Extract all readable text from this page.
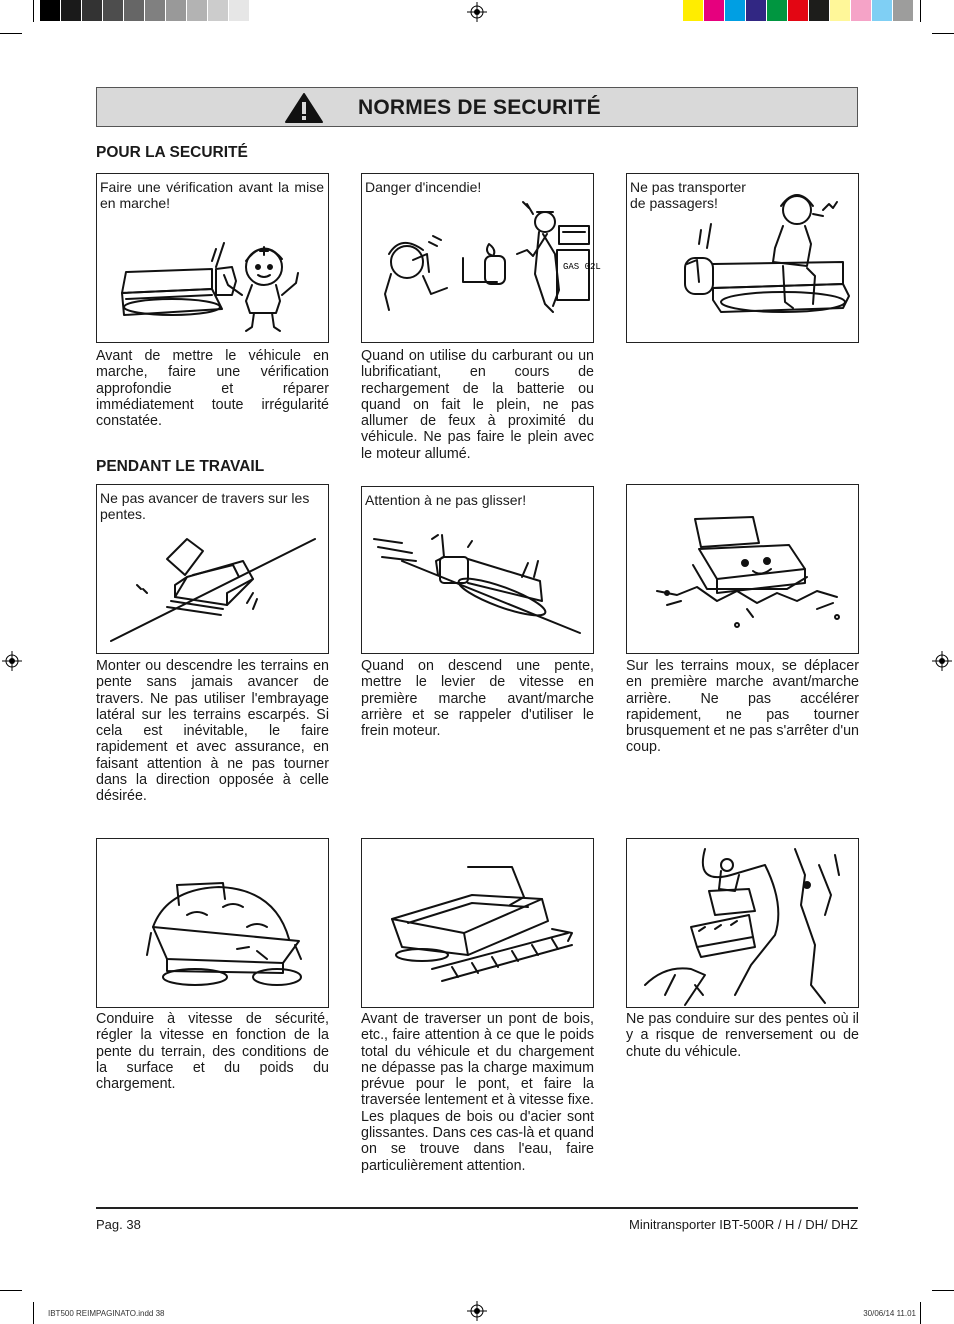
NORMES DE SECURITÉ
POUR LA SECURITÉ
Faire une vérification avant la mise en marche!
Avant de mettre le véhicule en marche, faire une vérification approfondie et réparer immédiatement toute irrégularité constatée.
Danger d'incendie!
GAS 02L
Quand on utilise du carburant ou un lubrificatiant, en cours de rechargement de la batterie ou quand on fait le plein, ne pas allumer de feux à proximité du véhicule. Ne pas faire le plein avec le moteur allumé.
Ne pas transporter
de passagers!
PENDANT LE TRAVAIL
Ne pas avancer de travers sur les pentes.
Monter ou descendre les terrains en pente sans jamais avancer de travers. Ne pas utiliser l'embrayage latéral sur les terrains escarpés. Si cela est inévitable, le faire rapidement et avec assurance, en faisant attention à ne pas tourner dans la direction opposée à celle désirée.
Attention à ne pas glisser!
Quand on descend une pente, mettre le levier de vitesse en première marche avant/marche arrière et se rappeler d'utiliser le frein moteur.
Sur les terrains moux, se déplacer en première marche avant/marche arrière. Ne pas accélérer rapidement, ne pas tourner brusquement et ne pas s'arrêter d'un coup.
Conduire à vitesse de sécurité, régler la vitesse en fonction de la pente du terrain, des conditions de la surface et du poids du chargement.
Avant de traverser un pont de bois, etc., faire attention à ce que le poids total du véhicule et du chargement ne dépasse pas la charge maximum prévue pour le pont, et faire la traversée lentement et à vitesse fixe. Les plaques de bois ou d'acier sont glissantes. Dans ces cas-là et quand on se trouve dans l'eau, faire particulièrement attention.
Ne pas conduire sur des pentes où il y a risque de renversement ou de chute du véhicule.
Pag. 38	Minitransporter IBT-500R / H / DH/ DHZ
IBT500 REIMPAGINATO.indd 38	30/06/14 11.01
